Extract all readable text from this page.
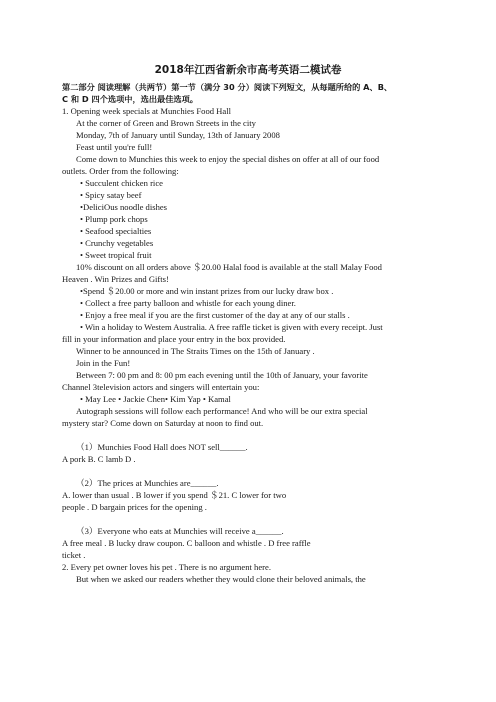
2018年江西省新余市高考英语二模试卷
第二部分 阅读理解（共两节）第一节（满分 30 分）阅读下列短文，从每题所给的 A、B、
C 和 D 四个选项中，选出最佳选项。
1. Opening week specials at Munchies Food Hall
At the corner of Green and Brown Streets in the city
Monday, 7th of January until Sunday, 13th of January 2008
Feast until you're full!
Come down to Munchies this week to enjoy the special dishes on offer at all of our food
outlets. Order from the following:
• Succulent chicken rice
• Spicy satay beef
•DeliciOus noodle dishes
• Plump pork chops
• Seafood specialties
• Crunchy vegetables
• Sweet tropical fruit
10% discount on all orders above ＄20.00 Halal food is available at the stall Malay Food
Heaven . Win Prizes and Gifts!
•Spend ＄20.00 or more and win instant prizes from our lucky draw box .
• Collect a free party balloon and whistle for each young diner.
• Enjoy a free meal if you are the first customer of the day at any of our stalls .
• Win a holiday to Westem Australia. A free raffle ticket is given with every receipt. Just
fill in your information and place your entry in the box provided.
Winner to be announced in The Straits Times on the 15th of January .
Join in the Fun!
Between 7: 00 pm and 8: 00 pm each evening until the 10th of January, your favorite
Channel 3television actors and singers will entertain you:
• May Lee • Jackie Chen• Kim Yap • Kamal
Autograph sessions will follow each performance! And who will be our extra special
mystery star? Come down on Saturday at noon to find out.
（1）Munchies Food Hall does NOT sell______.
A pork B. C lamb D .
（2）The prices at Munchies are______.
A. lower than usual . B lower if you spend ＄21. C lower for two
people . D bargain prices for the opening .
（3）Everyone who eats at Munchies will receive a______.
A free meal . B lucky draw coupon. C balloon and whistle . D free raffle
ticket .
2. Every pet owner loves his pet . There is no argument here.
But when we asked our readers whether they would clone their beloved animals, the
